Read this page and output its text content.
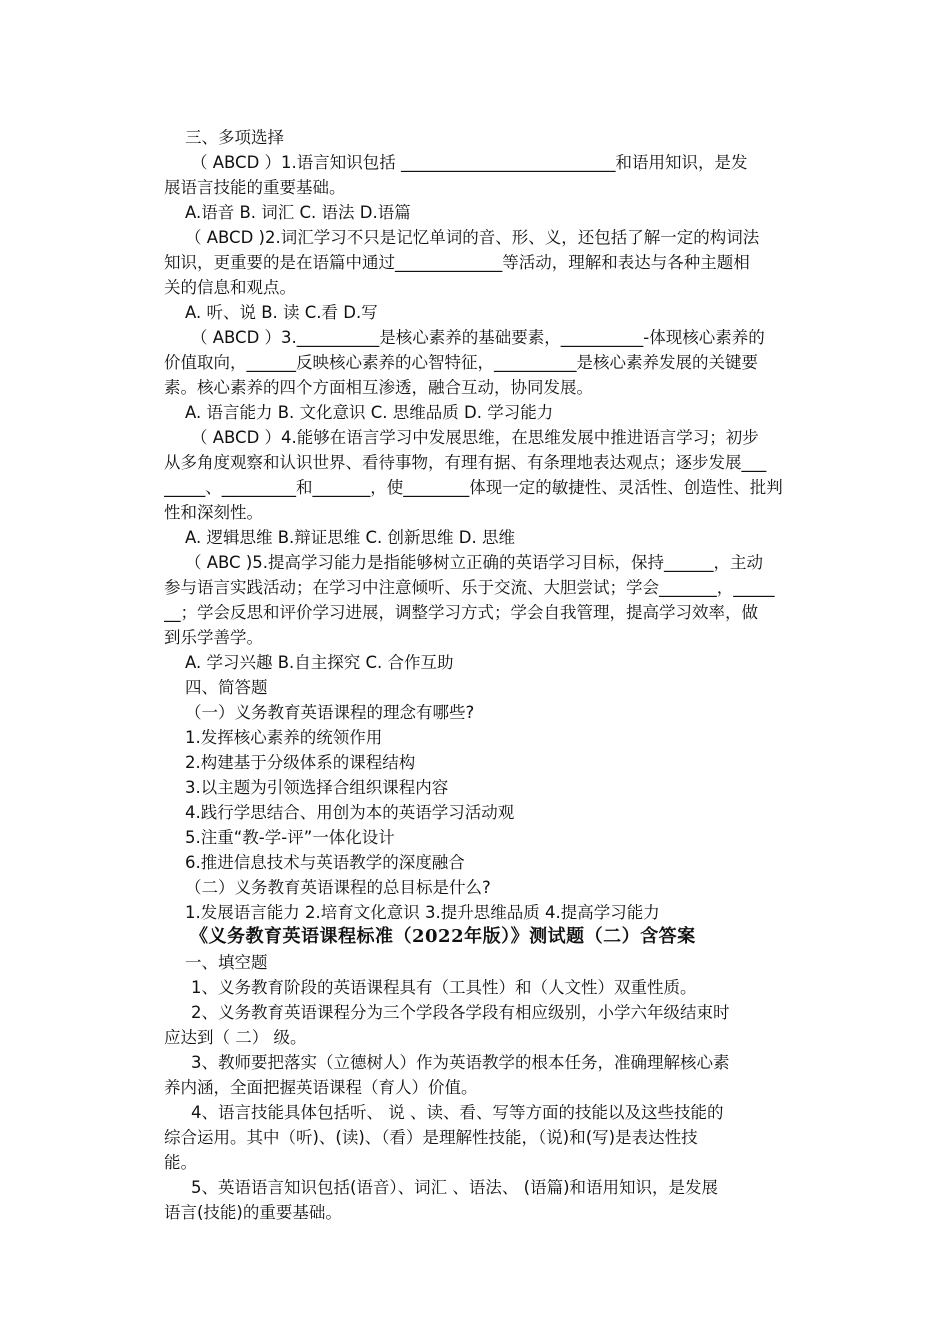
三、多项选择
（ ABCD ）1.语言知识包括 __________________________和语用知识，是发
展语言技能的重要基础。
A.语音 B. 词汇 C. 语法 D.语篇
（ ABCD )2.词汇学习不只是记忆单词的音、形、义，还包括了解一定的构词法
知识，更重要的是在语篇中通过_____________等活动，理解和表达与各种主题相
关的信息和观点。
A. 听、说 B. 读 C.看 D.写
（ ABCD ）3.__________是核心素养的基础要素，__________-体现核心素养的
价值取向，______反映核心素养的心智特征，__________是核心素养发展的关键要
素。核心素养的四个方面相互渗透，融合互动，协同发展。
A. 语言能力 B. 文化意识 C. 思维品质 D. 学习能力
（ ABCD ）4.能够在语言学习中发展思维，在思维发展中推进语言学习；初步
从多角度观察和认识世界、看待事物，有理有据、有条理地表达观点；逐步发展___
_____、_________和_______，使________体现一定的敏捷性、灵活性、创造性、批判
性和深刻性。
A. 逻辑思维 B.辩证思维 C. 创新思维 D. 思维
（ ABC )5.提高学习能力是指能够树立正确的英语学习目标，保持______，主动
参与语言实践活动；在学习中注意倾听、乐于交流、大胆尝试；学会_______，_____
__；学会反思和评价学习进展，调整学习方式；学会自我管理，提高学习效率，做
到乐学善学。
A. 学习兴趣 B.自主探究 C. 合作互助
四、简答题
（一）义务教育英语课程的理念有哪些?
1.发挥核心素养的统领作用
2.构建基于分级体系的课程结构
3.以主题为引领选择合组织课程内容
4.践行学思结合、用创为本的英语学习活动观
5.注重“教-学-评”一体化设计
6.推进信息技术与英语教学的深度融合
（二）义务教育英语课程的总目标是什么?
1.发展语言能力 2.培育文化意识 3.提升思维品质 4.提高学习能力
《义务教育英语课程标准（2022年版）》测试题（二）含答案
一、填空题
1、义务教育阶段的英语课程具有（工具性）和（人文性）双重性质。
2、义务教育英语课程分为三个学段各学段有相应级别，小学六年级结束时
应达到（ 二） 级。
3、教师要把落实（立德树人）作为英语教学的根本任务，准确理解核心素
养内涵，全面把握英语课程（育人）价值。
4、语言技能具体包括听、 说 、读、看、写等方面的技能以及这些技能的
综合运用。其中（听)、(读)、（看）是理解性技能，（说)和(写)是表达性技
能。
5、英语语言知识包括(语音）、词汇 、语法、 (语篇)和语用知识，是发展
语言(技能)的重要基础。
